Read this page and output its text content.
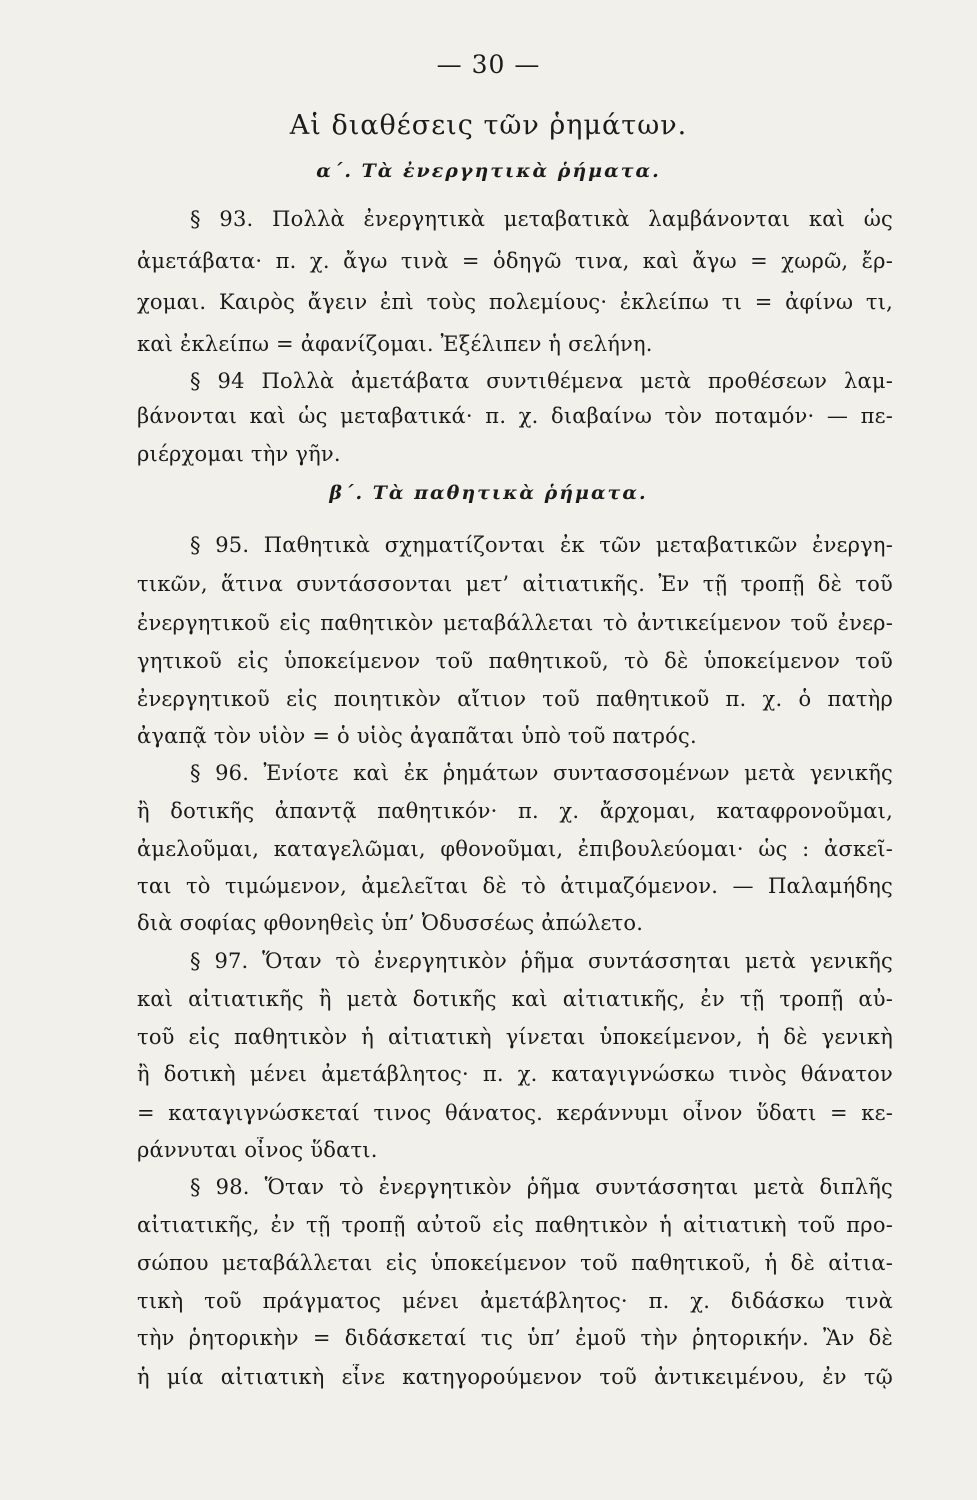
— 30 —
Αἱ διαθέσεις τῶν ῥημάτων.
α΄. Τὰ ἐνεργητικὰ ῥήματα.
§ 93. Πολλὰ ἐνεργητικὰ μεταβατικὰ λαμβάνονται καὶ ὡς
ἀμετάβατα· π. χ. ἄγω τινὰ = ὁδηγῶ τινα, καὶ ἄγω = χωρῶ, ἔρ-
χομαι. Καιρὸς ἄγειν ἐπὶ τοὺς πολεμίους· ἐκλείπω τι = ἀφίνω τι,
καὶ ἐκλείπω = ἀφανίζομαι. Ἐξέλιπεν ἡ σελήνη.
§ 94 Πολλὰ ἀμετάβατα συντιθέμενα μετὰ προθέσεων λαμ-
βάνονται καὶ ὡς μεταβατικά· π. χ. διαβαίνω τὸν ποταμόν· — πε-
ριέρχομαι τὴν γῆν.
β΄. Τὰ παθητικὰ ῥήματα.
§ 95. Παθητικὰ σχηματίζονται ἐκ τῶν μεταβατικῶν ἐνεργη-
τικῶν, ἅτινα συντάσσονται μετ’ αἰτιατικῆς. Ἐν τῇ τροπῇ δὲ τοῦ
ἐνεργητικοῦ εἰς παθητικὸν μεταβάλλεται τὸ ἀντικείμενον τοῦ ἐνερ-
γητικοῦ εἰς ὑποκείμενον τοῦ παθητικοῦ, τὸ δὲ ὑποκείμενον τοῦ
ἐνεργητικοῦ εἰς ποιητικὸν αἴτιον τοῦ παθητικοῦ π. χ. ὁ πατὴρ
ἀγαπᾷ τὸν υἱὸν = ὁ υἱὸς ἀγαπᾶται ὑπὸ τοῦ πατρός.
§ 96. Ἐνίοτε καὶ ἐκ ῥημάτων συντασσομένων μετὰ γενικῆς
ἢ δοτικῆς ἀπαντᾷ παθητικόν· π. χ. ἄρχομαι, καταφρονοῦμαι,
ἀμελοῦμαι, καταγελῶμαι, φθονοῦμαι, ἐπιβουλεύομαι· ὡς : ἀσκεῖ-
ται τὸ τιμώμενον, ἀμελεῖται δὲ τὸ ἀτιμαζόμενον. — Παλαμήδης
διὰ σοφίας φθονηθεὶς ὑπ’ Ὀδυσσέως ἀπώλετο.
§ 97. Ὅταν τὸ ἐνεργητικὸν ῥῆμα συντάσσηται μετὰ γενικῆς
καὶ αἰτιατικῆς ἢ μετὰ δοτικῆς καὶ αἰτιατικῆς, ἐν τῇ τροπῇ αὐ-
τοῦ εἰς παθητικὸν ἡ αἰτιατικὴ γίνεται ὑποκείμενον, ἡ δὲ γενικὴ
ἢ δοτικὴ μένει ἀμετάβλητος· π. χ. καταγιγνώσκω τινὸς θάνατον
= καταγιγνώσκεταί τινος θάνατος. κεράννυμι οἶνον ὕδατι = κε-
ράννυται οἶνος ὕδατι.
§ 98. Ὅταν τὸ ἐνεργητικὸν ῥῆμα συντάσσηται μετὰ διπλῆς
αἰτιατικῆς, ἐν τῇ τροπῇ αὐτοῦ εἰς παθητικὸν ἡ αἰτιατικὴ τοῦ προ-
σώπου μεταβάλλεται εἰς ὑποκείμενον τοῦ παθητικοῦ, ἡ δὲ αἰτια-
τικὴ τοῦ πράγματος μένει ἀμετάβλητος· π. χ. διδάσκω τινὰ
τὴν ῥητορικὴν = διδάσκεταί τις ὑπ’ ἐμοῦ τὴν ῥητορικήν. Ἂν δὲ
ἡ μία αἰτιατικὴ εἶνε κατηγορούμενον τοῦ ἀντικειμένου, ἐν τῷ
